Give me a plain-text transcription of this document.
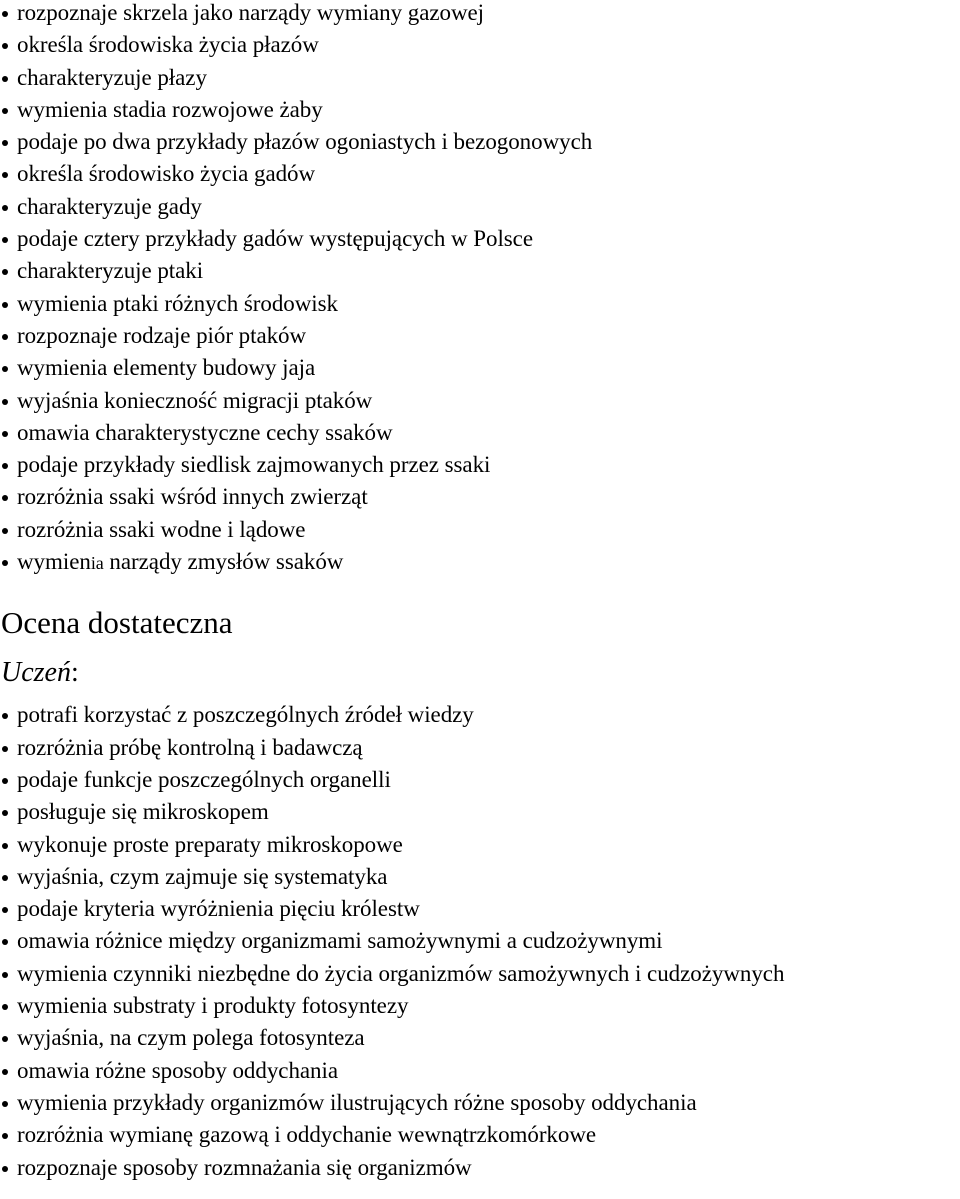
rozpoznaje skrzela jako narządy wymiany gazowej
określa środowiska życia płazów
charakteryzuje płazy
wymienia stadia rozwojowe żaby
podaje po dwa przykłady płazów ogoniastych i bezogonowych
określa środowisko życia gadów
charakteryzuje gady
podaje cztery przykłady gadów występujących w Polsce
charakteryzuje ptaki
wymienia ptaki różnych środowisk
rozpoznaje rodzaje piór ptaków
wymienia elementy budowy jaja
wyjaśnia konieczność migracji ptaków
omawia charakterystyczne cechy ssaków
podaje przykłady siedlisk zajmowanych przez ssaki
rozróżnia ssaki wśród innych zwierząt
rozróżnia ssaki wodne i lądowe
wymienia narządy zmysłów ssaków
Ocena dostateczna
Uczeń:
potrafi korzystać z poszczególnych źródeł wiedzy
rozróżnia próbę kontrolną i badawczą
podaje funkcje poszczególnych organelli
posługuje się mikroskopem
wykonuje proste preparaty mikroskopowe
wyjaśnia, czym zajmuje się systematyka
podaje kryteria wyróżnienia pięciu królestw
omawia różnice między organizmami samożywnymi a cudzożywnymi
wymienia czynniki niezbędne do życia organizmów samożywnych i cudzożywnych
wymienia substraty i produkty fotosyntezy
wyjaśnia, na czym polega fotosynteza
omawia różne sposoby oddychania
wymienia przykłady organizmów ilustrujących różne sposoby oddychania
rozróżnia wymianę gazową i oddychanie wewnątrzkomórkowe
rozpoznaje sposoby rozmnażania się organizmów
